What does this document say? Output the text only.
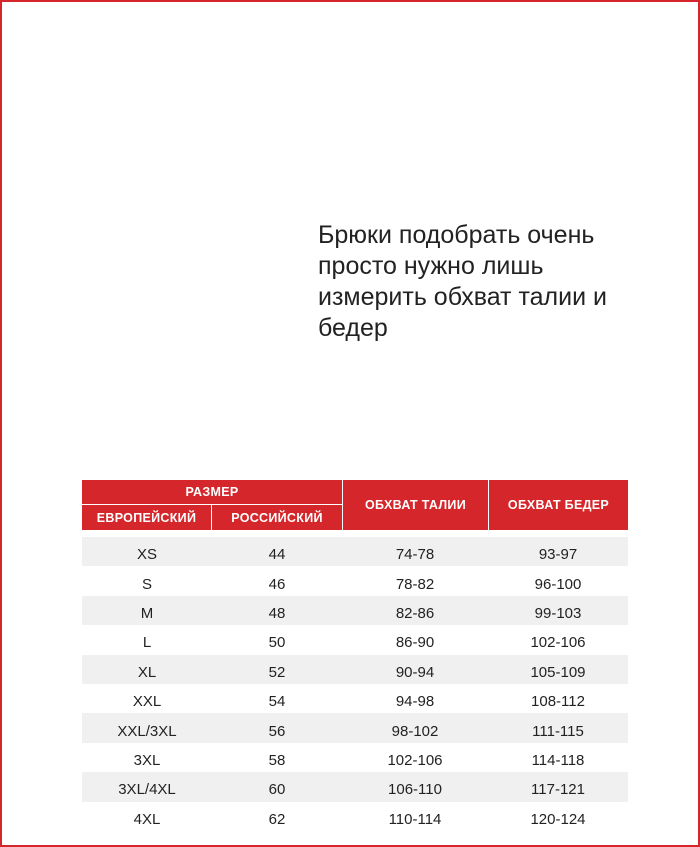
Брюки подобрать очень
просто нужно лишь
измерить обхват талии и
бедер
РАЗМЕР
ЕВРОПЕЙСКИЙ	РОССИЙСКИЙ
ОБХВАТ ТАЛИИ	ОБХВАТ БЕДЕР
XS	44	74-78	93-97
S	46	78-82	96-100
M	48	82-86	99-103
L	50	86-90	102-106
XL	52	90-94	105-109
XXL	54	94-98	108-112
XXL/3XL	56	98-102	111-115
3XL	58	102-106	114-118
3XL/4XL	60	106-110	117-121
4XL	62	110-114	120-124
